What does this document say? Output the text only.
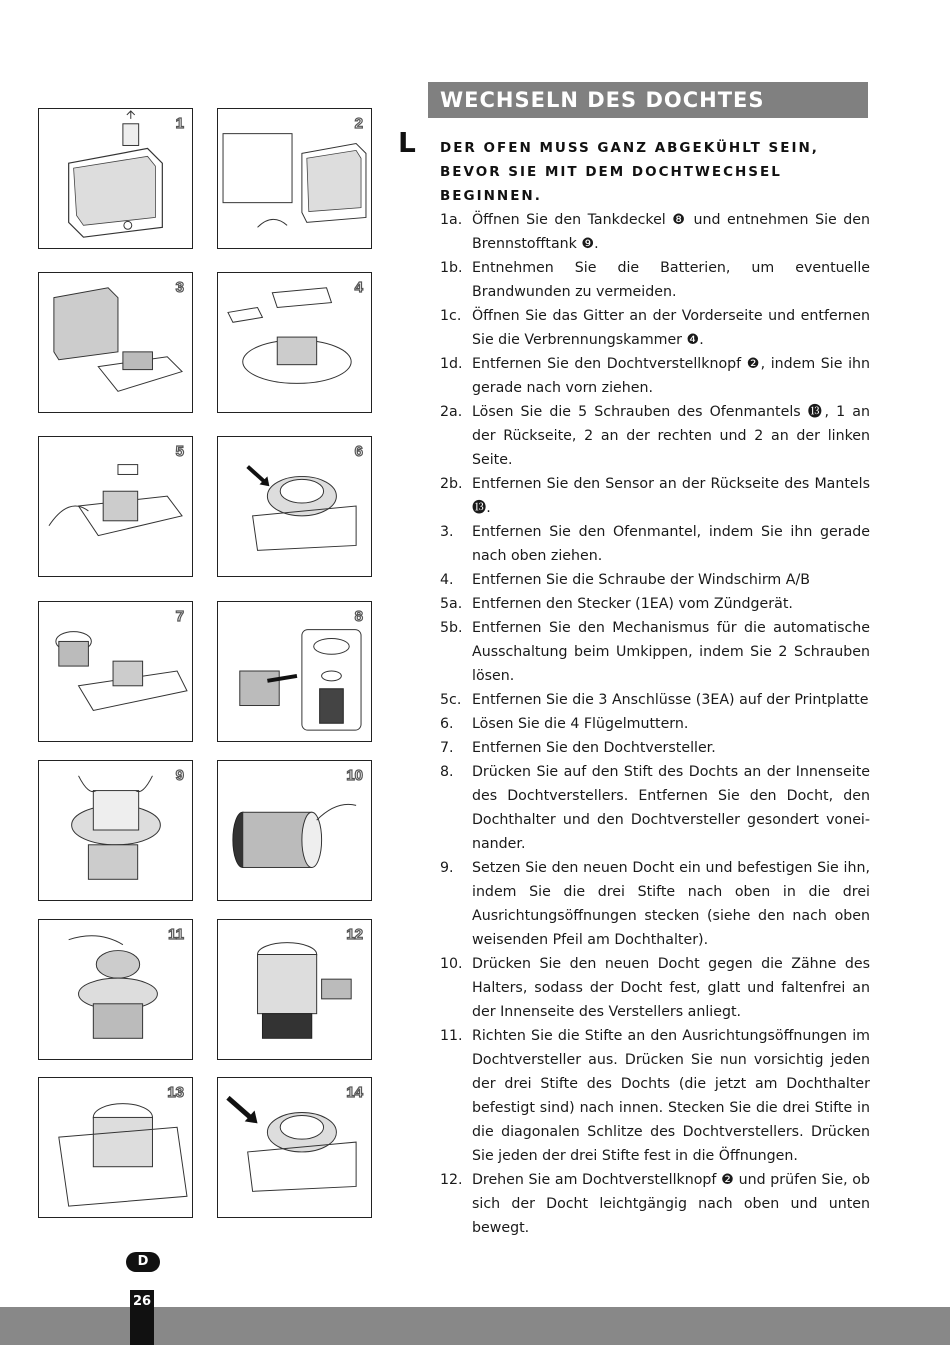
1	2
3	4
5	6
7	8
9	10
11	12
13	14
WECHSELN DES DOCHTES
L DER OFEN MUSS GANZ ABGEKÜHLT SEIN, BEVOR SIE MIT DEM DOCHTWECHSEL BEGINNEN.
1a. Öffnen Sie den Tankdeckel ❽ und entnehmen Sie den Brennstofftank ❾.
1b. Entnehmen Sie die Batterien, um eventuelle Brandwunden zu vermeiden.
1c. Öffnen Sie das Gitter an der Vorderseite und entfernen Sie die Verbrennungskammer ❹.
1d. Entfernen Sie den Dochtverstellknopf ❷, indem Sie ihn gerade nach vorn ziehen.
2a. Lösen Sie die 5 Schrauben des Ofenmantels ⓭, 1 an der Rückseite, 2 an der rechten und 2 an der linken Seite.
2b. Entfernen Sie den Sensor an der Rückseite des Mantels ⓭.
3. Entfernen Sie den Ofenmantel, indem Sie ihn gerade nach oben ziehen.
4. Entfernen Sie die Schraube der Windschirm A/B
5a. Entfernen den Stecker (1EA) vom Zündgerät.
5b. Entfernen Sie den Mechanismus für die automatische Ausschaltung beim Umkippen, indem Sie 2 Schrauben lösen.
5c. Entfernen Sie die 3 Anschlüsse (3EA) auf der Printplatte
6. Lösen Sie die 4 Flügelmuttern.
7. Entfernen Sie den Dochtversteller.
8. Drücken Sie auf den Stift des Dochts an der Innenseite des Dochtverstellers. Entfernen Sie den Docht, den Dochthalter und den Dochtversteller gesondert vonei-nander.
9. Setzen Sie den neuen Docht ein und befestigen Sie ihn, indem Sie die drei Stifte nach oben in die drei Ausrichtungsöffnungen stecken (siehe den nach oben weisenden Pfeil am Dochthalter).
10. Drücken Sie den neuen Docht gegen die Zähne des Halters, sodass der Docht fest, glatt und faltenfrei an der Innenseite des Verstellers anliegt.
11. Richten Sie die Stifte an den Ausrichtungsöffnungen im Dochtversteller aus. Drücken Sie nun vorsichtig jeden der drei Stifte des Dochts (die jetzt am Dochthalter befestigt sind) nach innen. Stecken Sie die drei Stifte in die diagonalen Schlitze des Dochtverstellers. Drücken Sie jeden der drei Stifte fest in die Öffnungen.
12. Drehen Sie am Dochtverstellknopf ❷ und prüfen Sie, ob sich der Docht leichtgängig nach oben und unten bewegt.
D
26
